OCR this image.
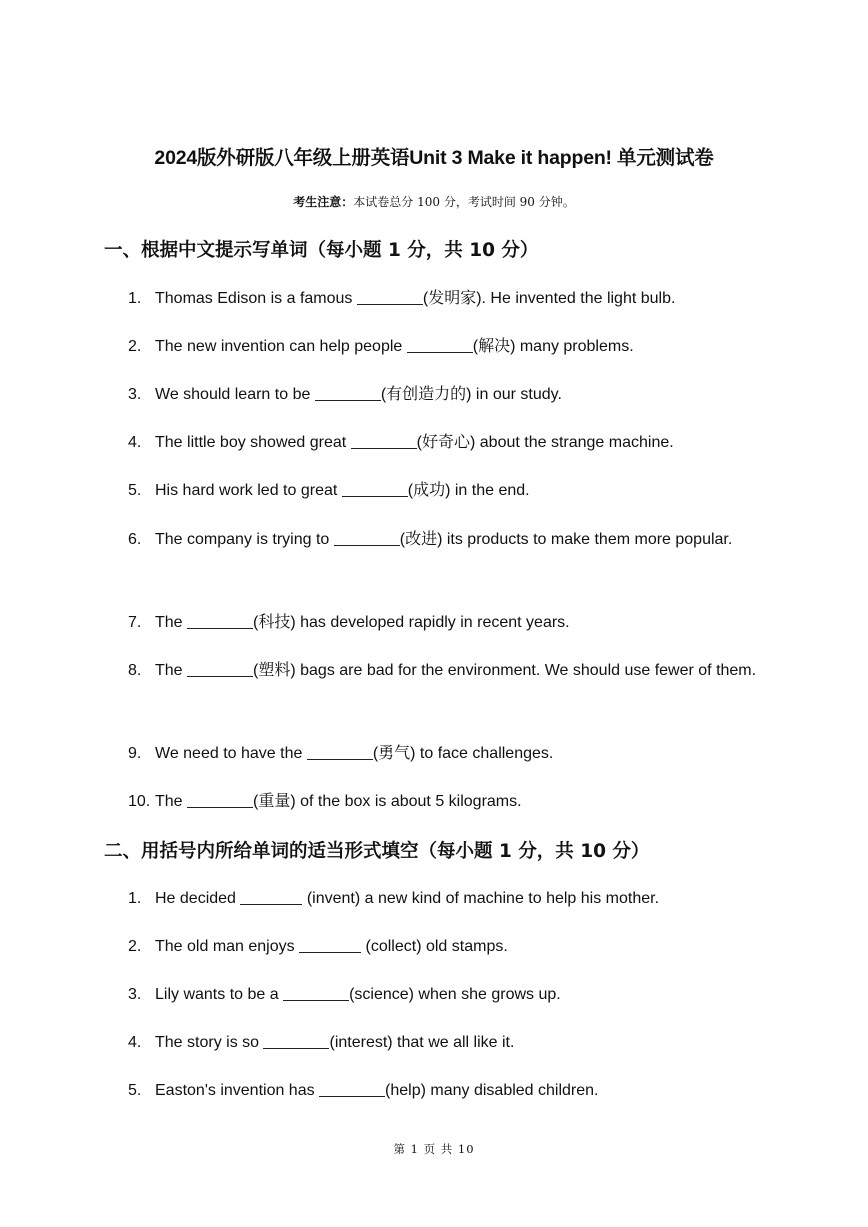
2024版外研版八年级上册英语Unit 3 Make it happen! 单元测试卷
考生注意：本试卷总分 100 分，考试时间 90 分钟。
一、根据中文提示写单词（每小题 1 分，共 10 分）
1. Thomas Edison is a famous	(发明家). He invented the light bulb.
2. The new invention can help people	(解决) many problems.
3. We should learn to be	(有创造力的) in our study.
4. The little boy showed great	(好奇心) about the strange machine.
5. His hard work led to great	(成功) in the end.
6. The company is trying to	(改进) its products to make them more popular.
7. The	(科技) has developed rapidly in recent years.
8. The	(塑料) bags are bad for the environment. We should use fewer of them.
9. We need to have the	(勇气) to face challenges.
10. The	(重量) of the box is about 5 kilograms.
二、用括号内所给单词的适当形式填空（每小题 1 分，共 10 分）
1. He decided	(invent) a new kind of machine to help his mother.
2. The old man enjoys	(collect) old stamps.
3. Lily wants to be a	(science) when she grows up.
4. The story is so	(interest) that we all like it.
5. Easton's invention has	(help) many disabled children.
第 1 页 共 10
